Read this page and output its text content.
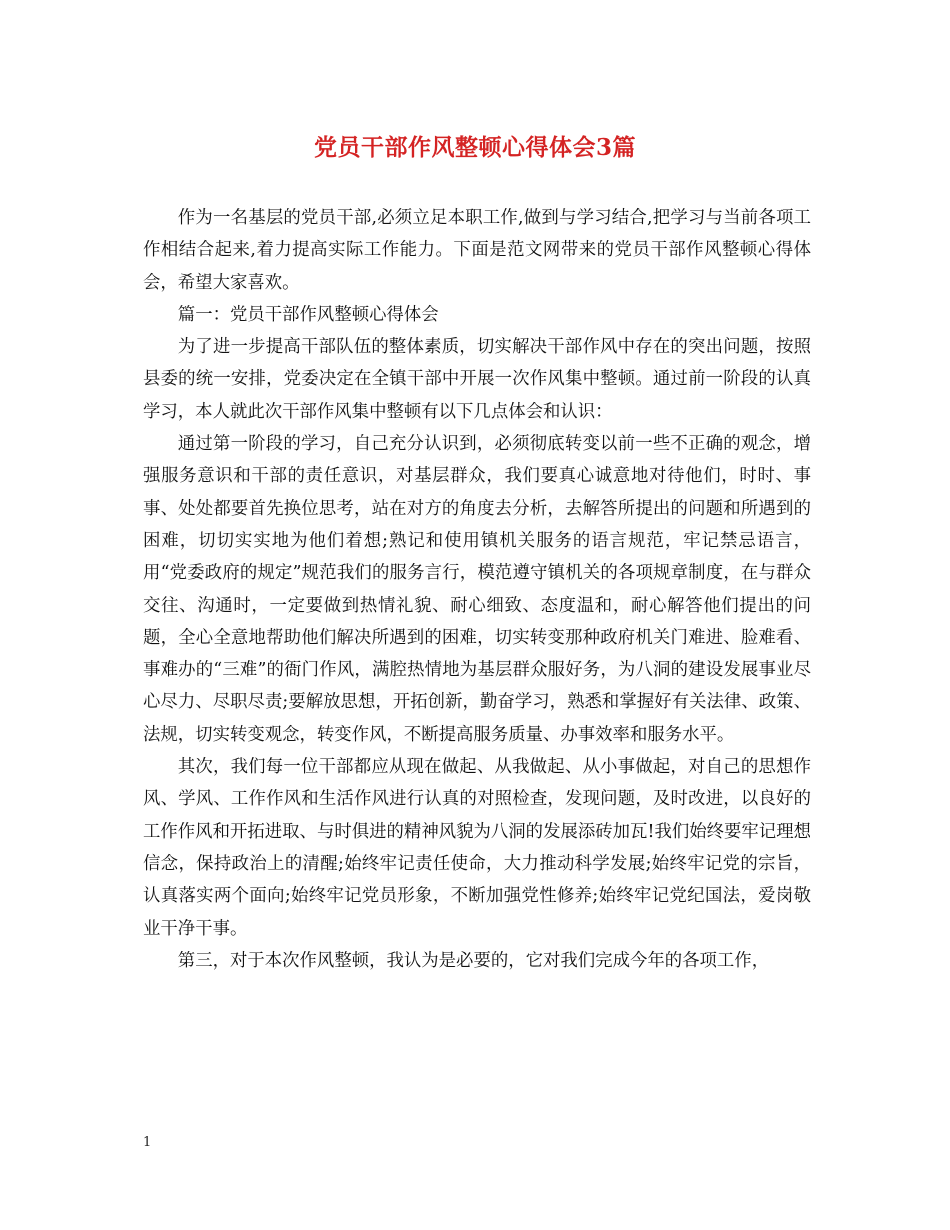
党员干部作风整顿心得体会3篇

作为一名基层的党员干部,必须立足本职工作,做到与学习结合,把学习与当前各项工作相结合起来,着力提高实际工作能力。下面是范文网带来的党员干部作风整顿心得体会，希望大家喜欢。

篇一：党员干部作风整顿心得体会

为了进一步提高干部队伍的整体素质，切实解决干部作风中存在的突出问题，按照县委的统一安排，党委决定在全镇干部中开展一次作风集中整顿。通过前一阶段的认真学习，本人就此次干部作风集中整顿有以下几点体会和认识：

通过第一阶段的学习，自己充分认识到，必须彻底转变以前一些不正确的观念，增强服务意识和干部的责任意识，对基层群众，我们要真心诚意地对待他们，时时、事事、处处都要首先换位思考，站在对方的角度去分析，去解答所提出的问题和所遇到的困难，切切实实地为他们着想;熟记和使用镇机关服务的语言规范，牢记禁忌语言，用“党委政府的规定”规范我们的服务言行，模范遵守镇机关的各项规章制度，在与群众交往、沟通时，一定要做到热情礼貌、耐心细致、态度温和，耐心解答他们提出的问题，全心全意地帮助他们解决所遇到的困难，切实转变那种政府机关门难进、脸难看、事难办的“三难”的衙门作风，满腔热情地为基层群众服好务，为八洞的建设发展事业尽心尽力、尽职尽责;要解放思想，开拓创新，勤奋学习，熟悉和掌握好有关法律、政策、法规，切实转变观念，转变作风，不断提高服务质量、办事效率和服务水平。

其次，我们每一位干部都应从现在做起、从我做起、从小事做起，对自己的思想作风、学风、工作作风和生活作风进行认真的对照检查，发现问题，及时改进，以良好的工作作风和开拓进取、与时俱进的精神风貌为八洞的发展添砖加瓦!我们始终要牢记理想信念，保持政治上的清醒;始终牢记责任使命，大力推动科学发展;始终牢记党的宗旨，认真落实两个面向;始终牢记党员形象，不断加强党性修养;始终牢记党纪国法，爱岗敬业干净干事。

第三，对于本次作风整顿，我认为是必要的，它对我们完成今年的各项工作，

1
